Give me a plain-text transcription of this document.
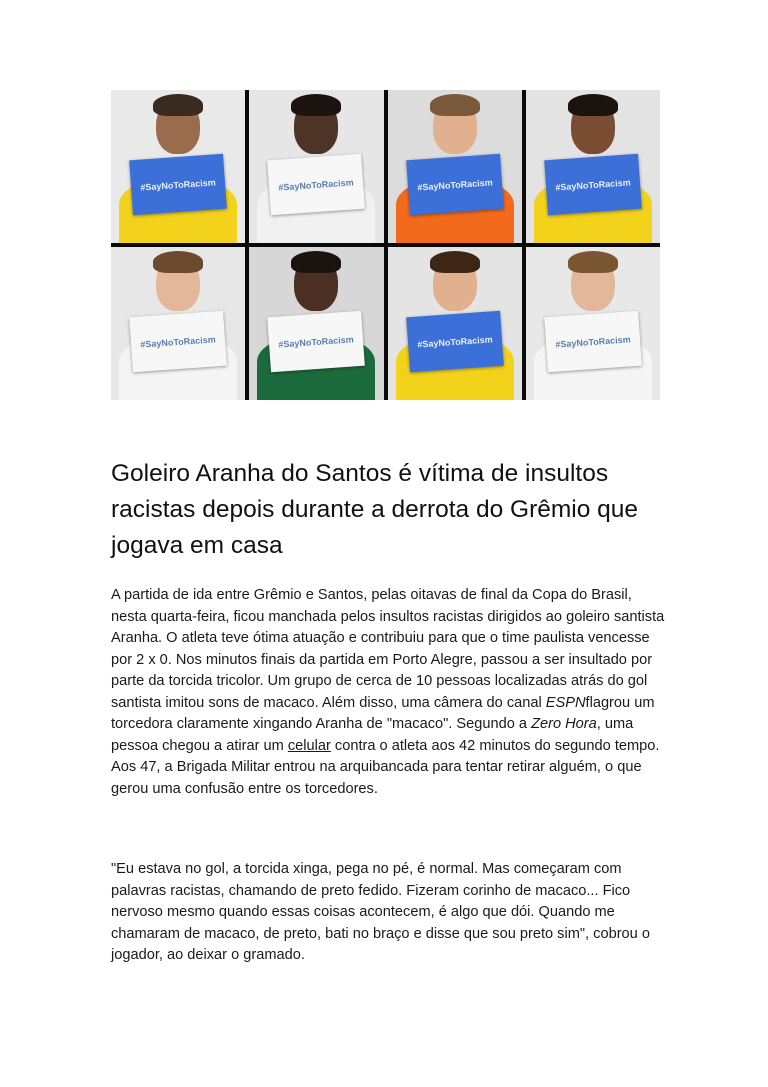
#SayNoToRacism	#SayNoToRacism	#SayNoToRacism	#SayNoToRacism
#SayNoToRacism	#SayNoToRacism	#SayNoToRacism	#SayNoToRacism
Goleiro Aranha do Santos é vítima de insultos racistas depois durante a derrota do Grêmio que jogava em casa

A partida de ida entre Grêmio e Santos, pelas oitavas de final da Copa do Brasil, nesta quarta-feira, ficou manchada pelos insultos racistas dirigidos ao goleiro santista Aranha. O atleta teve ótima atuação e contribuiu para que o time paulista vencesse por 2 x 0. Nos minutos finais da partida em Porto Alegre, passou a ser insultado por parte da torcida tricolor. Um grupo de cerca de 10 pessoas localizadas atrás do gol santista imitou sons de macaco. Além disso, uma câmera do canal ESPNflagrou um torcedora claramente xingando Aranha de "macaco". Segundo a Zero Hora, uma pessoa chegou a atirar um celular contra o atleta aos 42 minutos do segundo tempo. Aos 47, a Brigada Militar entrou na arquibancada para tentar retirar alguém, o que gerou uma confusão entre os torcedores.

"Eu estava no gol, a torcida xinga, pega no pé, é normal. Mas começaram com palavras racistas, chamando de preto fedido. Fizeram corinho de macaco... Fico nervoso mesmo quando essas coisas acontecem, é algo que dói. Quando me chamaram de macaco, de preto, bati no braço e disse que sou preto sim", cobrou o jogador, ao deixar o gramado.
